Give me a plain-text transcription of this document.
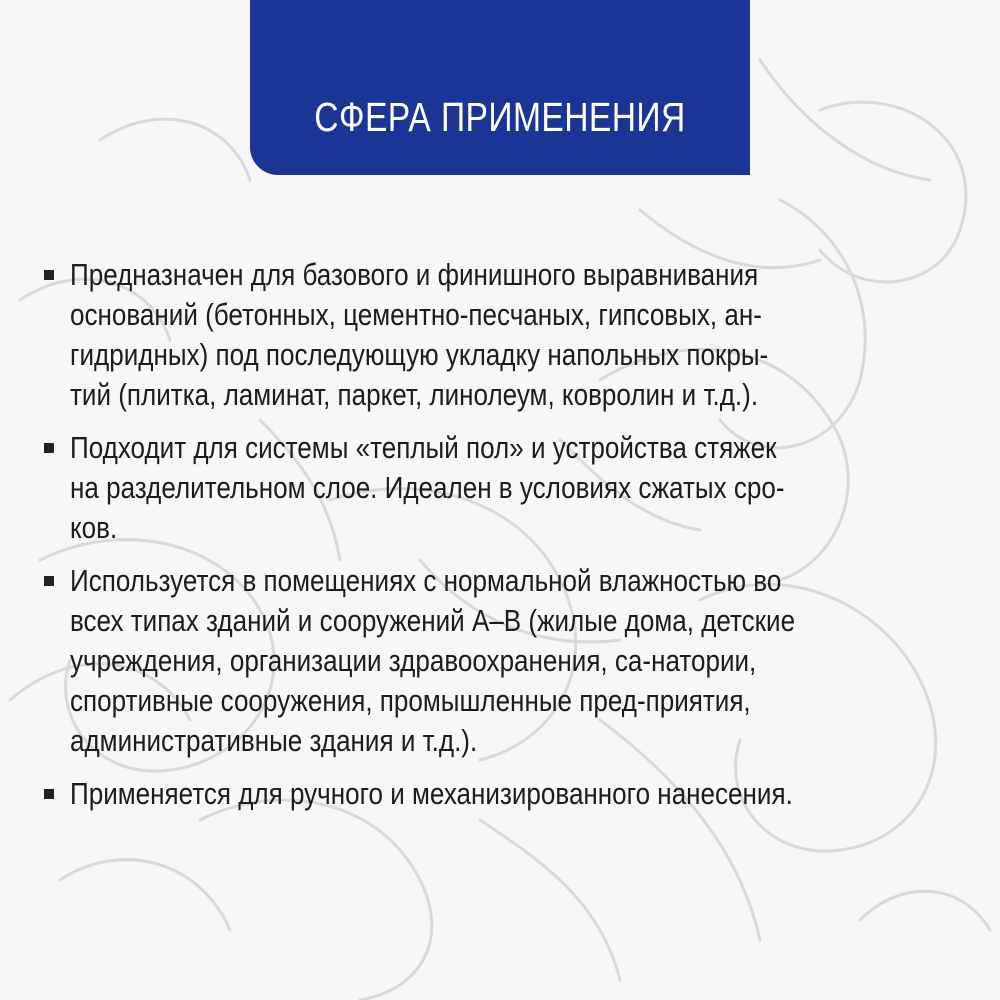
СФЕРА ПРИМЕНЕНИЯ
Предназначен для базового и финишного выравнивания оснований (бетонных, цементно-песчаных, гипсовых, ан-гидридных) под последующую укладку напольных покры-тий (плитка, ламинат, паркет, линолеум, ковролин и т.д.).
Подходит для системы «теплый пол» и устройства стяжек на разделительном слое. Идеален в условиях сжатых сро-ков.
Используется в помещениях с нормальной влажностью во всех типах зданий и сооружений А–В (жилые дома, детские учреждения, организации здравоохранения, са-натории, спортивные сооружения, промышленные пред-приятия, административные здания и т.д.).
Применяется для ручного и механизированного нанесения.
